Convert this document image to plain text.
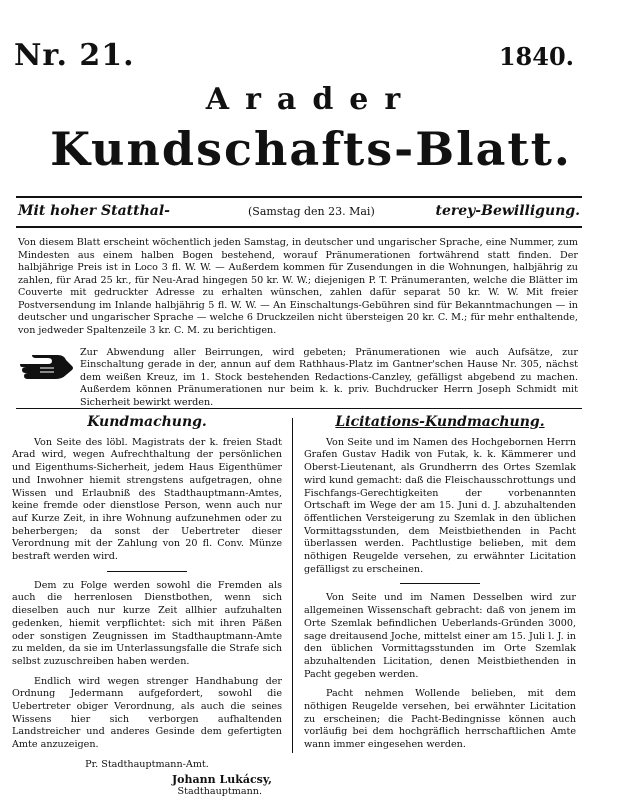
Nr. 21.	1840.
Arader
Kundschafts-Blatt.
Mit hoher Statthal-	(Samstag den 23. Mai)	terey-Bewilligung.

Von diesem Blatt erscheint wöchentlich jeden Samstag, in deutscher und ungarischer Sprache, eine Nummer, zum Mindesten aus einem halben Bogen bestehend, worauf Pränumerationen fortwährend statt finden. Der halbjährige Preis ist in Loco 3 fl. W. W. — Außerdem kommen für Zusendungen in die Wohnungen, halbjährig zu zahlen, für Arad 25 kr., für Neu-Arad hingegen 50 kr. W. W.; diejenigen P. T. Pränumeranten, welche die Blätter im Couverte mit gedruckter Adresse zu erhalten wünschen, zahlen dafür separat 50 kr. W. W. Mit freier Postversendung im Inlande halbjährig 5 fl. W. W. — An Einschaltungs-Gebühren sind für Bekanntmachungen — in deutscher und ungarischer Sprache — welche 6 Druckzeilen nicht übersteigen 20 kr. C. M.; für mehr enthaltende, von jedweder Spaltenzeile 3 kr. C. M. zu berichtigen.

Zur Abwendung aller Beirrungen, wird gebeten; Pränumerationen wie auch Aufsätze, zur Einschaltung gerade in der, annun auf dem Rathhaus-Platz im Gantner'schen Hause Nr. 305, nächst dem weißen Kreuz, im 1. Stock bestehenden Redactions-Canzley, gefälligst abgebend zu machen. Außerdem können Pränumerationen nur beim k. k. priv. Buchdrucker Herrn Joseph Schmidt mit Sicherheit bewirkt werden.

Kundmachung.

Von Seite des löbl. Magistrats der k. freien Stadt Arad wird, wegen Aufrechthaltung der persönlichen und Eigenthums-Sicherheit, jedem Haus Eigenthümer und Inwohner hiemit strengstens aufgetragen, ohne Wissen und Erlaubniß des Stadthauptmann-Amtes, keine fremde oder dienstlose Person, wenn auch nur auf Kurze Zeit, in ihre Wohnung aufzunehmen oder zu beherbergen; da sonst der Uebertreter dieser Verordnung mit der Zahlung von 20 fl. Conv. Münze bestraft werden wird.

Dem zu Folge werden sowohl die Fremden als auch die herrenlosen Dienstbothen, wenn sich dieselben auch nur kurze Zeit allhier aufzuhalten gedenken, hiemit verpflichtet: sich mit ihren Päßen oder sonstigen Zeugnissen im Stadthauptmann-Amte zu melden, da sie im Unterlassungsfalle die Strafe sich selbst zuzuschreiben haben werden.

Endlich wird wegen strenger Handhabung der Ordnung Jedermann aufgefordert, sowohl die Uebertreter obiger Verordnung, als auch die seines Wissens hier sich verborgen aufhaltenden Landstreicher und anderes Gesinde dem gefertigten Amte anzuzeigen.

Pr. Stadthauptmann-Amt.

Johann Lukácsy,

Stadthauptmann.

Licitations-Kundmachung.

Von Seite und im Namen des Hochgebornen Herrn Grafen Gustav Hadik von Futak, k. k. Kämmerer und Oberst-Lieutenant, als Grundherrn des Ortes Szemlak wird kund gemacht: daß die Fleischausschrottungs und Fischfangs-Gerechtigkeiten der vorbenannten Ortschaft im Wege der am 15. Juni d. J. abzuhaltenden öffentlichen Versteigerung zu Szemlak in den üblichen Vormittagsstunden, dem Meistbiethenden in Pacht überlassen werden. Pachtlustige belieben, mit dem nöthigen Reugelde versehen, zu erwähnter Licitation gefälligst zu erscheinen.

Von Seite und im Namen Desselben wird zur allgemeinen Wissenschaft gebracht: daß von jenem im Orte Szemlak befindlichen Ueberlands-Gründen 3000, sage dreitausend Joche, mittelst einer am 15. Juli l. J. in den üblichen Vormittagsstunden im Orte Szemlak abzuhaltenden Licitation, denen Meistbiethenden in Pacht gegeben werden.

Pacht nehmen Wollende belieben, mit dem nöthigen Reugelde versehen, bei erwähnter Licitation zu erscheinen; die Pacht-Bedingnisse können auch vorläufig bei dem hochgräflich herrschaftlichen Amte wann immer eingesehen werden.
